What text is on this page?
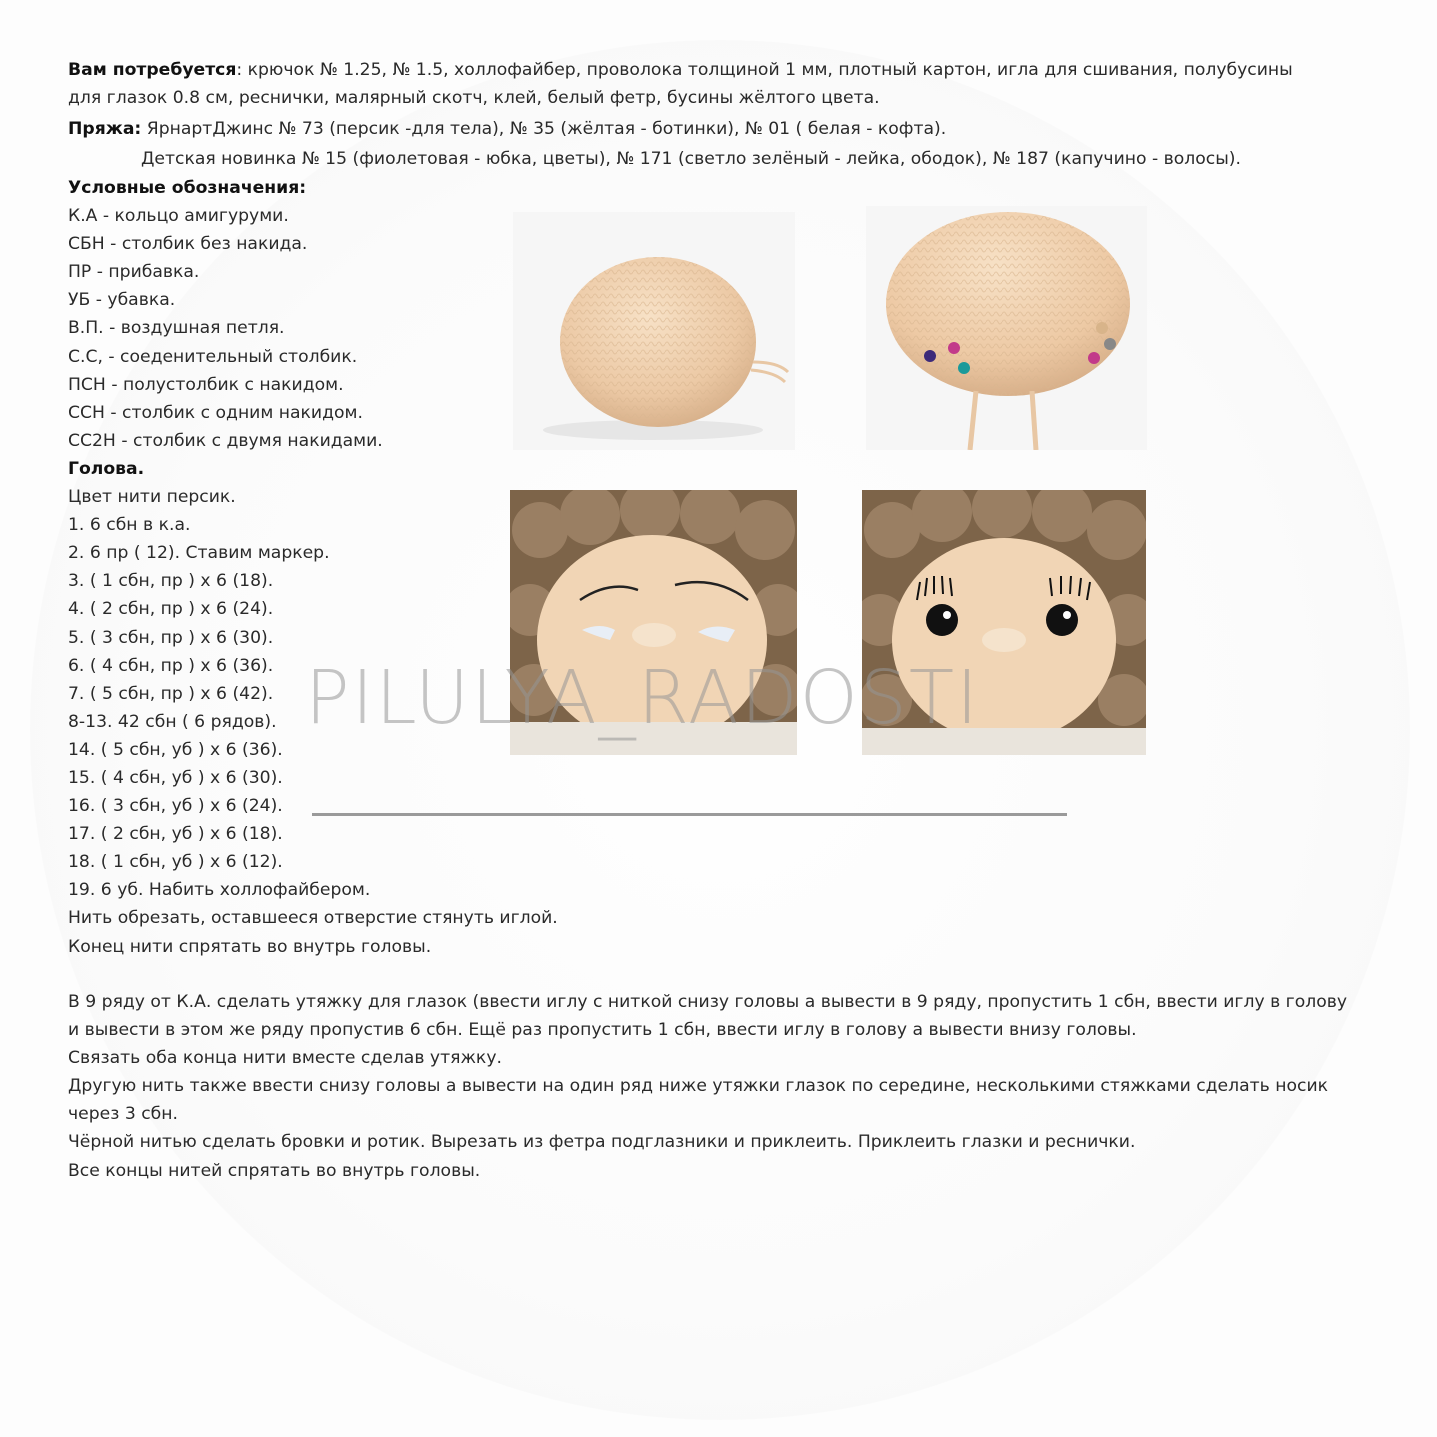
Вам потребуется: крючок № 1.25, № 1.5, холлофайбер, проволока толщиной 1 мм, плотный картон, игла для сшивания, полубусины
для глазок 0.8 см, реснички, малярный скотч, клей, белый фетр, бусины жёлтого цвета.
Пряжа: ЯрнартДжинс № 73 (персик -для тела), № 35 (жёлтая - ботинки), № 01 ( белая - кофта).
Детская новинка № 15 (фиолетовая - юбка, цветы), № 171 (светло зелёный - лейка, ободок), № 187 (капучино - волосы).
Условные обозначения:
К.А - кольцо амигуруми.
СБН - столбик без накида.
ПР - прибавка.
УБ - убавка.
В.П. - воздушная петля.
С.С, - соеденительный столбик.
ПСН - полустолбик с накидом.
ССН - столбик с одним накидом.
СС2Н - столбик с двумя накидами.
Голова.
Цвет нити персик.
1. 6 сбн в к.а.
2. 6 пр ( 12). Ставим маркер.
3. ( 1 сбн, пр ) х 6 (18).
4. ( 2 сбн, пр ) х 6 (24).
5. ( 3 сбн, пр ) х 6 (30).
6. ( 4 сбн, пр ) х 6 (36).
7. ( 5 сбн, пр ) х 6 (42).
8-13. 42 сбн ( 6 рядов).
14. ( 5 сбн, уб ) х 6 (36).
15. ( 4 сбн, уб ) х 6 (30).
16. ( 3 сбн, уб ) х 6 (24).
17. ( 2 сбн, уб ) х 6 (18).
18. ( 1 сбн, уб ) х 6 (12).
19. 6 уб. Набить холлофайбером.
Нить обрезать, оставшееся отверстие стянуть иглой.
Конец нити спрятать во внутрь головы.
PILULYA_RADOSTI
В 9 ряду от К.А. сделать утяжку для глазок (ввести иглу с ниткой снизу головы а вывести в 9 ряду, пропустить 1 сбн, ввести иглу в голову
и вывести в этом же ряду пропустив 6 сбн. Ещё раз пропустить 1 сбн, ввести иглу в голову а вывести внизу головы.
Связать оба конца нити вместе сделав утяжку.
Другую нить также ввести снизу головы а вывести на один ряд ниже утяжки глазок по середине, несколькими стяжками сделать носик
через 3 сбн.
Чёрной нитью сделать бровки и ротик. Вырезать из фетра подглазники и приклеить. Приклеить глазки и реснички.
Все концы нитей спрятать во внутрь головы.
